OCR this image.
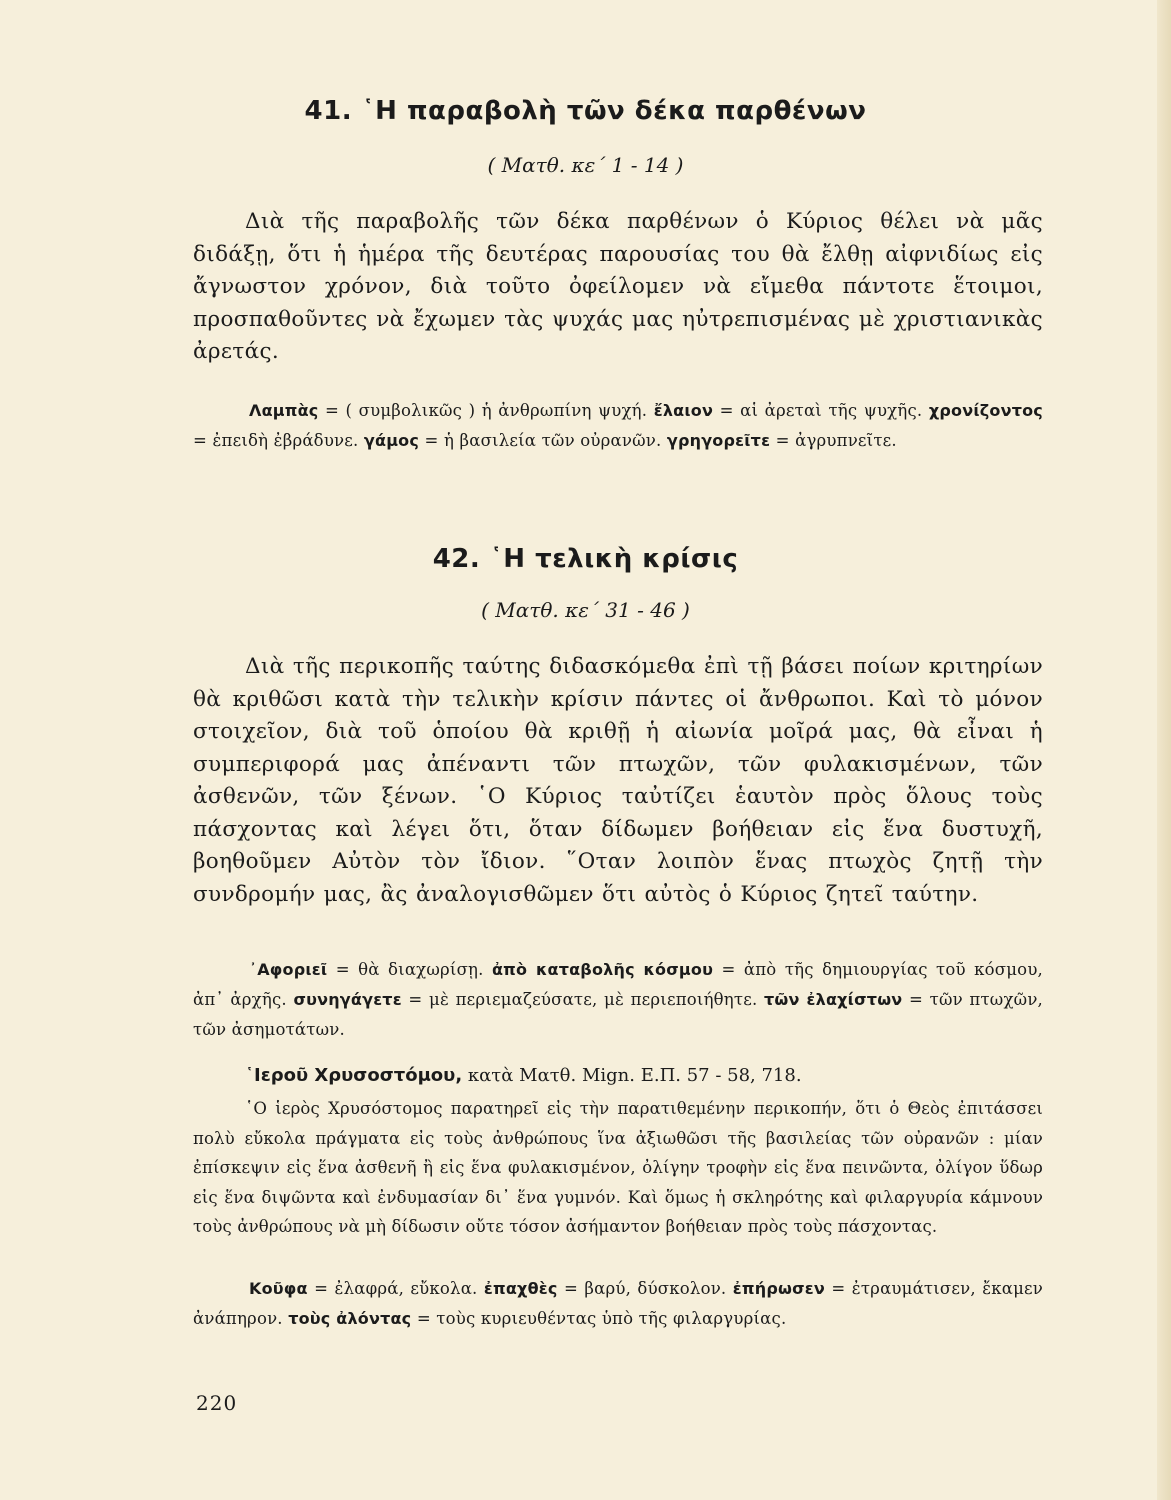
41. ῾Η παραβολὴ τῶν δέκα παρθένων

( Ματθ. κε΄ 1 - 14 )

Διὰ τῆς παραβολῆς τῶν δέκα παρθένων ὁ Κύριος θέλει νὰ μᾶς διδάξῃ, ὅτι ἡ ἡμέρα τῆς δευτέρας παρουσίας του θὰ ἔλθῃ αἰφνιδίως εἰς ἄγνωστον χρόνον, διὰ τοῦτο ὀφείλομεν νὰ εἴμεθα πάντοτε ἕτοιμοι, προσπαθοῦντες νὰ ἔχωμεν τὰς ψυχάς μας ηὐτρεπισμένας μὲ χριστιανικὰς ἀρετάς.

Λαμπὰς = ( συμβολικῶς ) ἡ ἀνθρωπίνη ψυχή. ἔλαιον = αἱ ἀρεταὶ τῆς ψυχῆς. χρονίζοντος = ἐπειδὴ ἐβράδυνε. γάμος = ἡ βασιλεία τῶν οὐρανῶν. γρηγορεῖτε = ἀγρυπνεῖτε.

42. ῾Η τελικὴ κρίσις

( Ματθ. κε΄ 31 - 46 )

Διὰ τῆς περικοπῆς ταύτης διδασκόμεθα ἐπὶ τῇ βάσει ποίων κριτηρίων θὰ κριθῶσι κατὰ τὴν τελικὴν κρίσιν πάντες οἱ ἄνθρωποι. Καὶ τὸ μόνον στοιχεῖον, διὰ τοῦ ὁποίου θὰ κριθῇ ἡ αἰωνία μοῖρά μας, θὰ εἶναι ἡ συμπεριφορά μας ἀπέναντι τῶν πτωχῶν, τῶν φυλακισμένων, τῶν ἀσθενῶν, τῶν ξένων. ῾Ο Κύριος ταὐτίζει ἑαυτὸν πρὸς ὅλους τοὺς πάσχοντας καὶ λέγει ὅτι, ὅταν δίδωμεν βοήθειαν εἰς ἕνα δυστυχῆ, βοηθοῦμεν Αὐτὸν τὸν ἴδιον. ῞Οταν λοιπὸν ἕνας πτωχὸς ζητῇ τὴν συνδρομήν μας, ἂς ἀναλογισθῶμεν ὅτι αὐτὸς ὁ Κύριος ζητεῖ ταύτην.

᾿Αφοριεῖ = θὰ διαχωρίσῃ. ἀπὸ καταβολῆς κόσμου = ἀπὸ τῆς δημιουργίας τοῦ κόσμου, ἀπ᾿ ἀρχῆς. συνηγάγετε = μὲ περιεμαζεύσατε, μὲ περιεποιήθητε. τῶν ἐλαχίστων = τῶν πτωχῶν, τῶν ἀσημοτάτων.

῾Ιεροῦ Χρυσοστόμου, κατὰ Ματθ. Mign. Ε.Π. 57 - 58, 718.

῾Ο ἱερὸς Χρυσόστομος παρατηρεῖ εἰς τὴν παρατιθεμένην περικοπήν, ὅτι ὁ Θεὸς ἐπιτάσσει πολὺ εὔκολα πράγματα εἰς τοὺς ἀνθρώπους ἵνα ἀξιωθῶσι τῆς βασιλείας τῶν οὐρανῶν : μίαν ἐπίσκεψιν εἰς ἕνα ἀσθενῆ ἢ εἰς ἕνα φυλακισμένον, ὀλίγην τροφὴν εἰς ἕνα πεινῶντα, ὀλίγον ὕδωρ εἰς ἕνα διψῶντα καὶ ἐνδυμασίαν δι᾿ ἕνα γυμνόν. Καὶ ὅμως ἡ σκληρότης καὶ φιλαργυρία κάμνουν τοὺς ἀνθρώπους νὰ μὴ δίδωσιν οὔτε τόσον ἀσήμαντον βοήθειαν πρὸς τοὺς πάσχοντας.

Κοῦφα = ἐλαφρά, εὔκολα. ἐπαχθὲς = βαρύ, δύσκολον. ἐπήρωσεν = ἐτραυμάτισεν, ἔκαμεν ἀνάπηρον. τοὺς ἀλόντας = τοὺς κυριευθέντας ὑπὸ τῆς φιλαργυρίας.

220
